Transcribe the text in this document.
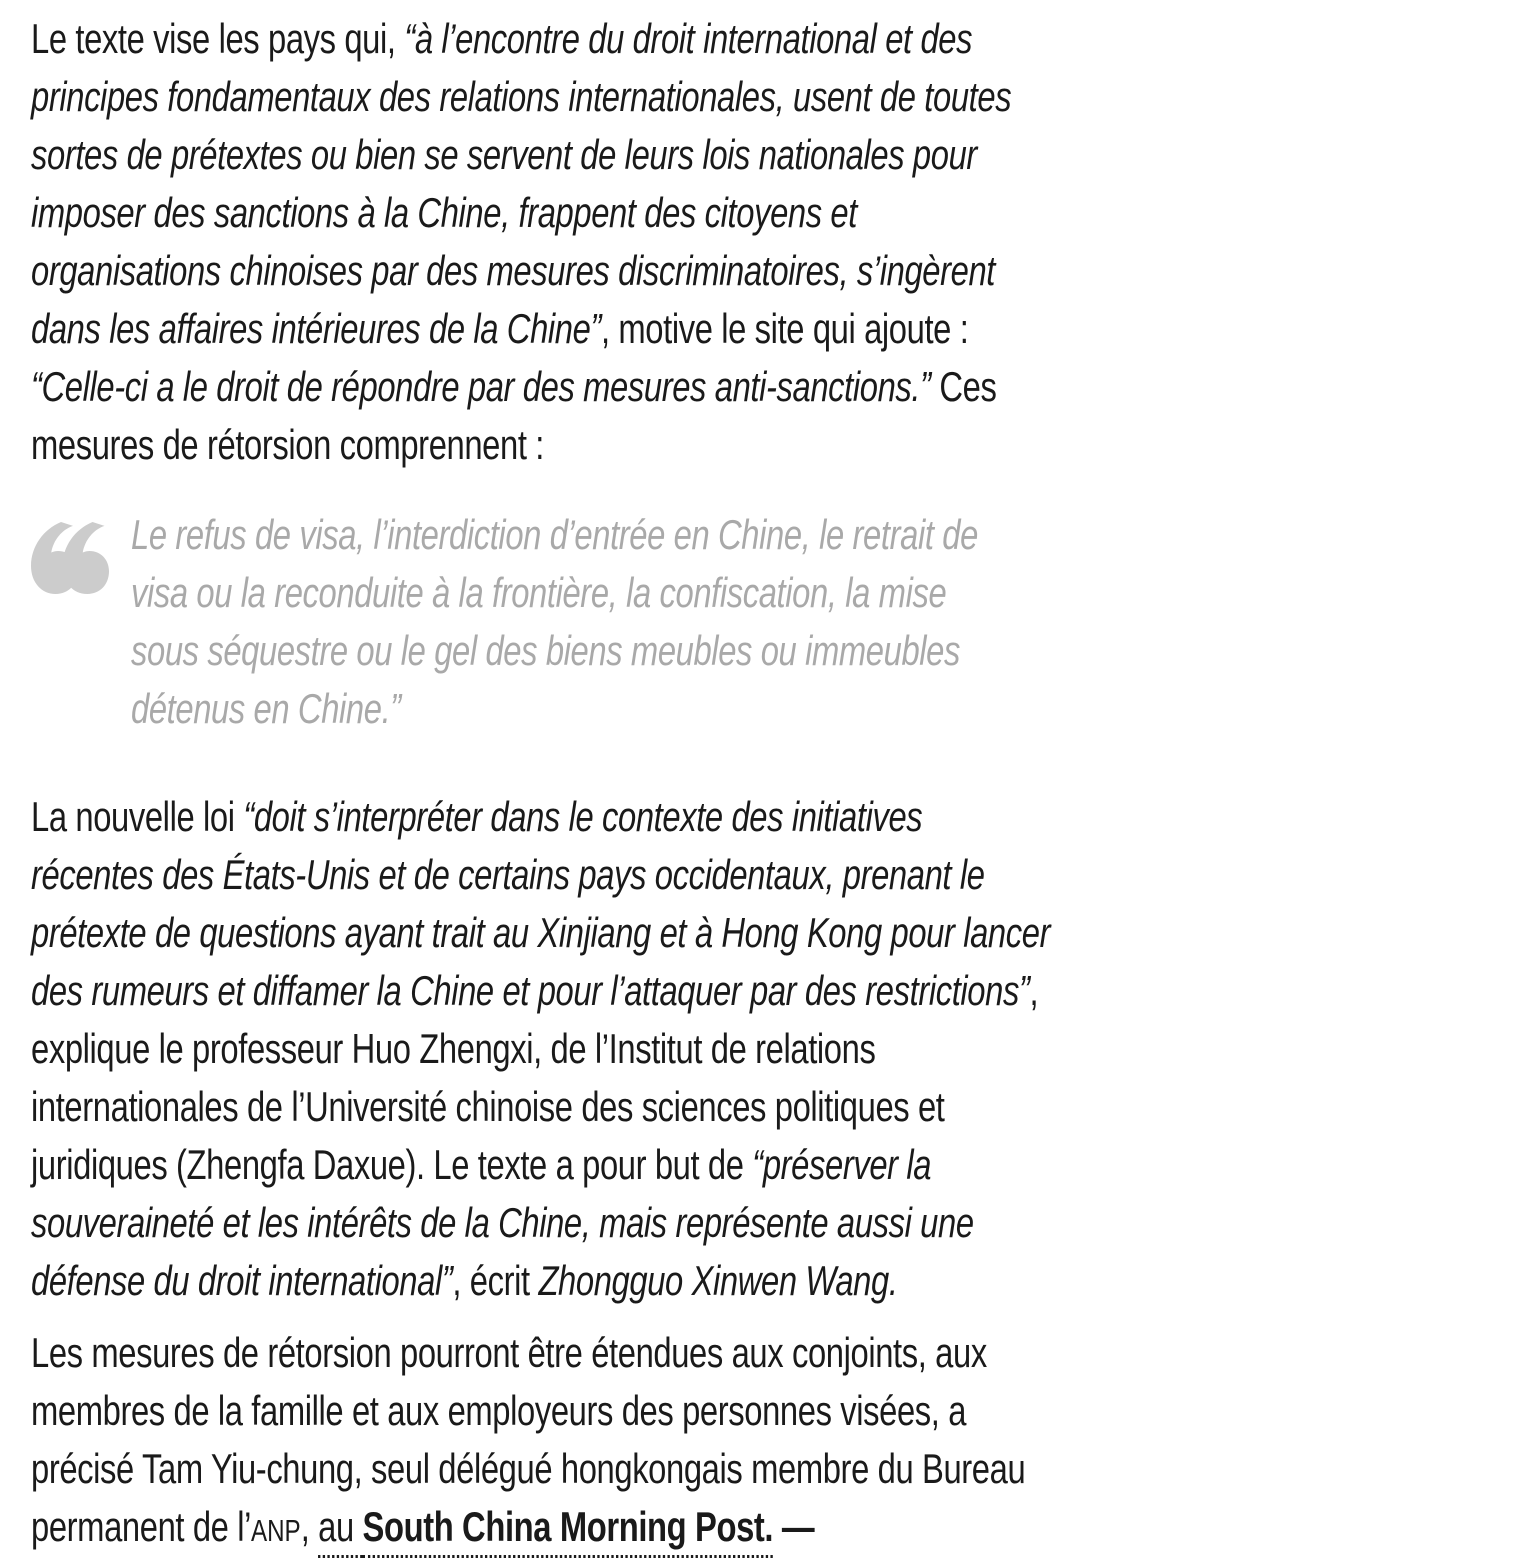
Le texte vise les pays qui, “à l’encontre du droit international et des
principes fondamentaux des relations internationales, usent de toutes
sortes de prétextes ou bien se servent de leurs lois nationales pour
imposer des sanctions à la Chine, frappent des citoyens et
organisations chinoises par des mesures discriminatoires, s’ingèrent
dans les affaires intérieures de la Chine”, motive le site qui ajoute :
“Celle-ci a le droit de répondre par des mesures anti-sanctions.” Ces
mesures de rétorsion comprennent :
Le refus de visa, l’interdiction d’entrée en Chine, le retrait de
visa ou la reconduite à la frontière, la confiscation, la mise
sous séquestre ou le gel des biens meubles ou immeubles
détenus en Chine.”
La nouvelle loi “doit s’interpréter dans le contexte des initiatives
récentes des États-Unis et de certains pays occidentaux, prenant le
prétexte de questions ayant trait au Xinjiang et à Hong Kong pour lancer
des rumeurs et diffamer la Chine et pour l’attaquer par des restrictions”,
explique le professeur Huo Zhengxi, de l’Institut de relations
internationales de l’Université chinoise des sciences politiques et
juridiques (Zhengfa Daxue). Le texte a pour but de “préserver la
souveraineté et les intérêts de la Chine, mais représente aussi une
défense du droit international”, écrit Zhongguo Xinwen Wang.
Les mesures de rétorsion pourront être étendues aux conjoints, aux
membres de la famille et aux employeurs des personnes visées, a
précisé Tam Yiu-chung, seul délégué hongkongais membre du Bureau
permanent de l’ANP, au South China Morning Post. —
